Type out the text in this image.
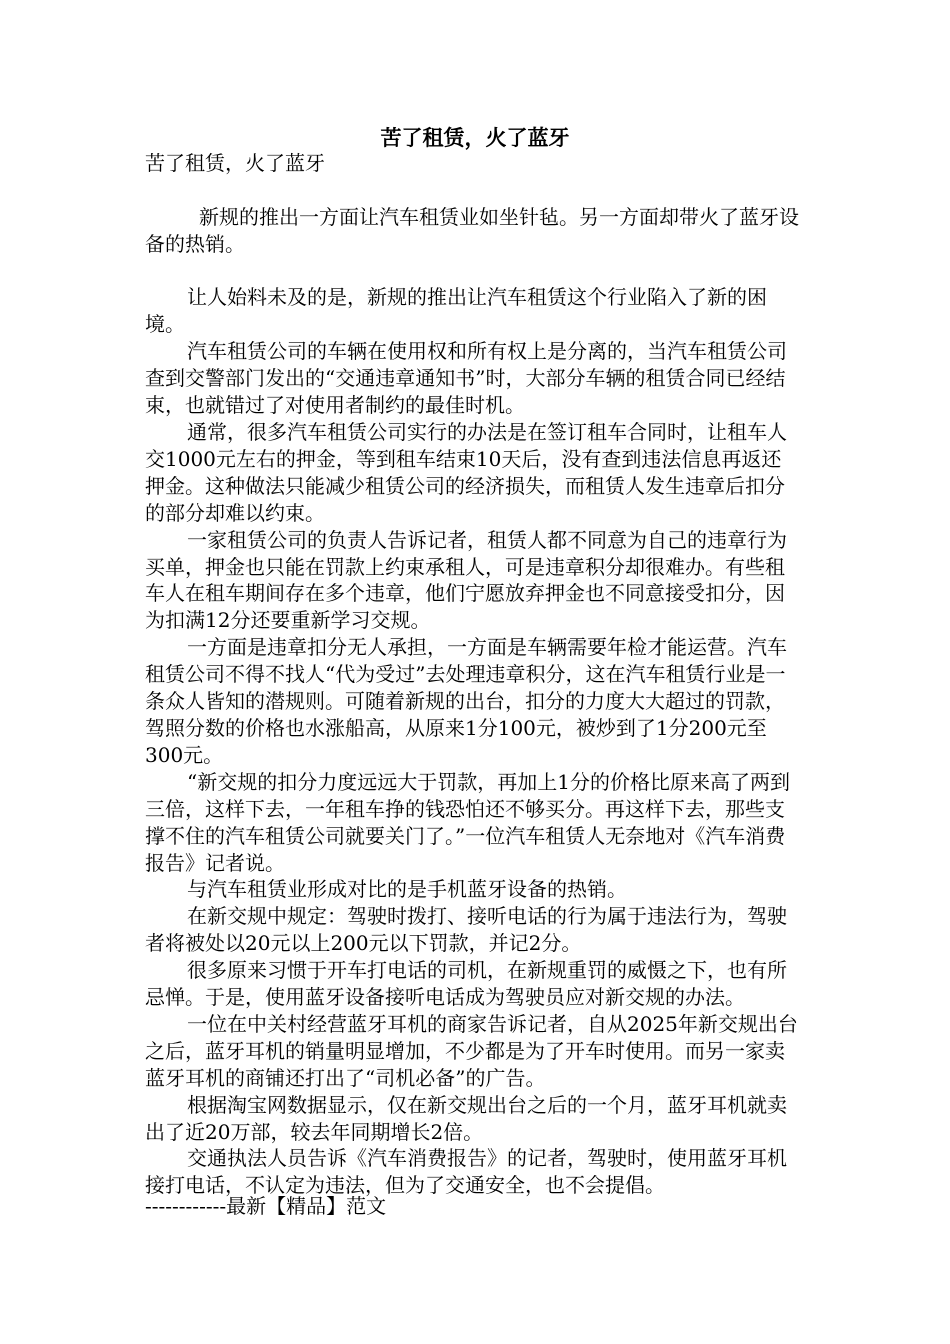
苦了租赁，火了蓝牙

苦了租赁，火了蓝牙

新规的推出一方面让汽车租赁业如坐针毡。另一方面却带火了蓝牙设备的热销。

让人始料未及的是，新规的推出让汽车租赁这个行业陷入了新的困境。

汽车租赁公司的车辆在使用权和所有权上是分离的，当汽车租赁公司查到交警部门发出的“交通违章通知书”时，大部分车辆的租赁合同已经结束，也就错过了对使用者制约的最佳时机。

通常，很多汽车租赁公司实行的办法是在签订租车合同时，让租车人交1000元左右的押金，等到租车结束10天后，没有查到违法信息再返还押金。这种做法只能减少租赁公司的经济损失，而租赁人发生违章后扣分的部分却难以约束。

一家租赁公司的负责人告诉记者，租赁人都不同意为自己的违章行为买单，押金也只能在罚款上约束承租人，可是违章积分却很难办。有些租车人在租车期间存在多个违章，他们宁愿放弃押金也不同意接受扣分，因为扣满12分还要重新学习交规。

一方面是违章扣分无人承担，一方面是车辆需要年检才能运营。汽车租赁公司不得不找人“代为受过”去处理违章积分，这在汽车租赁行业是一条众人皆知的潜规则。可随着新规的出台，扣分的力度大大超过的罚款，驾照分数的价格也水涨船高，从原来1分100元，被炒到了1分200元至300元。

“新交规的扣分力度远远大于罚款，再加上1分的价格比原来高了两到三倍，这样下去，一年租车挣的钱恐怕还不够买分。再这样下去，那些支撑不住的汽车租赁公司就要关门了。”一位汽车租赁人无奈地对《汽车消费报告》记者说。

与汽车租赁业形成对比的是手机蓝牙设备的热销。

在新交规中规定：驾驶时拨打、接听电话的行为属于违法行为，驾驶者将被处以20元以上200元以下罚款，并记2分。

很多原来习惯于开车打电话的司机，在新规重罚的威慑之下，也有所忌惮。于是，使用蓝牙设备接听电话成为驾驶员应对新交规的办法。

一位在中关村经营蓝牙耳机的商家告诉记者，自从2025年新交规出台之后，蓝牙耳机的销量明显增加，不少都是为了开车时使用。而另一家卖蓝牙耳机的商铺还打出了“司机必备”的广告。

根据淘宝网数据显示，仅在新交规出台之后的一个月，蓝牙耳机就卖出了近20万部，较去年同期增长2倍。

交通执法人员告诉《汽车消费报告》的记者，驾驶时，使用蓝牙耳机接打电话，不认定为违法，但为了交通安全，也不会提倡。

------------最新【精品】范文
